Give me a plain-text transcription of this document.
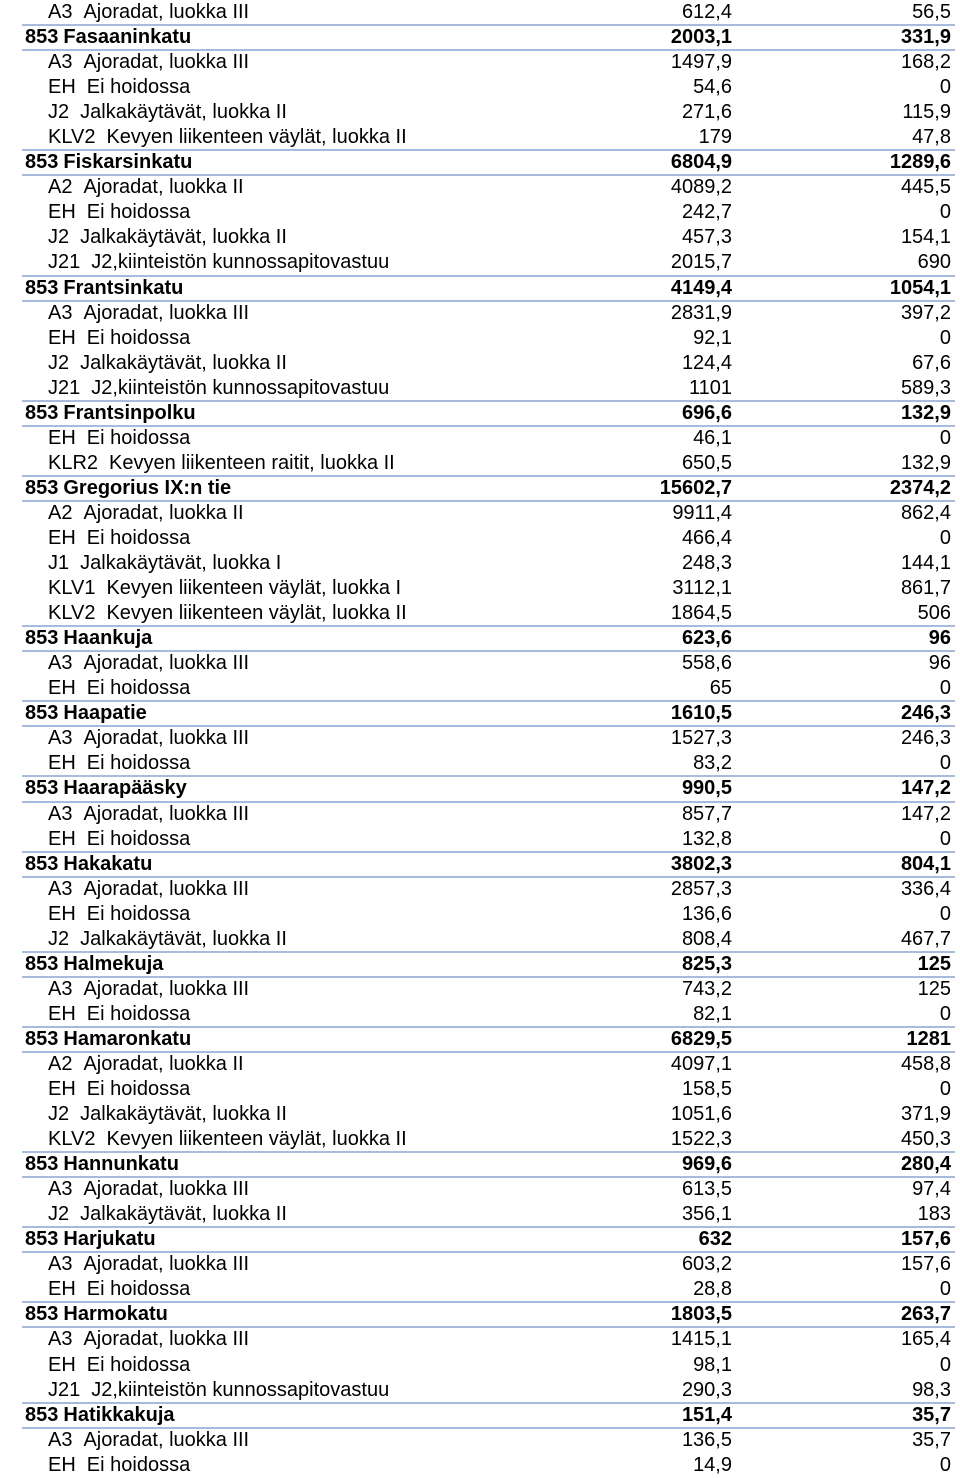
A3 Ajoradat, luokka III	612,4	56,5
853 Fasaaninkatu	2003,1	331,9
A3 Ajoradat, luokka III	1497,9	168,2
EH Ei hoidossa	54,6	0
J2 Jalkakäytävät, luokka II	271,6	115,9
KLV2 Kevyen liikenteen väylät, luokka II	179	47,8
853 Fiskarsinkatu	6804,9	1289,6
A2 Ajoradat, luokka II	4089,2	445,5
EH Ei hoidossa	242,7	0
J2 Jalkakäytävät, luokka II	457,3	154,1
J21 J2,kiinteistön kunnossapitovastuu	2015,7	690
853 Frantsinkatu	4149,4	1054,1
A3 Ajoradat, luokka III	2831,9	397,2
EH Ei hoidossa	92,1	0
J2 Jalkakäytävät, luokka II	124,4	67,6
J21 J2,kiinteistön kunnossapitovastuu	1101	589,3
853 Frantsinpolku	696,6	132,9
EH Ei hoidossa	46,1	0
KLR2 Kevyen liikenteen raitit, luokka II	650,5	132,9
853 Gregorius IX:n tie	15602,7	2374,2
A2 Ajoradat, luokka II	9911,4	862,4
EH Ei hoidossa	466,4	0
J1 Jalkakäytävät, luokka I	248,3	144,1
KLV1 Kevyen liikenteen väylät, luokka I	3112,1	861,7
KLV2 Kevyen liikenteen väylät, luokka II	1864,5	506
853 Haankuja	623,6	96
A3 Ajoradat, luokka III	558,6	96
EH Ei hoidossa	65	0
853 Haapatie	1610,5	246,3
A3 Ajoradat, luokka III	1527,3	246,3
EH Ei hoidossa	83,2	0
853 Haarapääsky	990,5	147,2
A3 Ajoradat, luokka III	857,7	147,2
EH Ei hoidossa	132,8	0
853 Hakakatu	3802,3	804,1
A3 Ajoradat, luokka III	2857,3	336,4
EH Ei hoidossa	136,6	0
J2 Jalkakäytävät, luokka II	808,4	467,7
853 Halmekuja	825,3	125
A3 Ajoradat, luokka III	743,2	125
EH Ei hoidossa	82,1	0
853 Hamaronkatu	6829,5	1281
A2 Ajoradat, luokka II	4097,1	458,8
EH Ei hoidossa	158,5	0
J2 Jalkakäytävät, luokka II	1051,6	371,9
KLV2 Kevyen liikenteen väylät, luokka II	1522,3	450,3
853 Hannunkatu	969,6	280,4
A3 Ajoradat, luokka III	613,5	97,4
J2 Jalkakäytävät, luokka II	356,1	183
853 Harjukatu	632	157,6
A3 Ajoradat, luokka III	603,2	157,6
EH Ei hoidossa	28,8	0
853 Harmokatu	1803,5	263,7
A3 Ajoradat, luokka III	1415,1	165,4
EH Ei hoidossa	98,1	0
J21 J2,kiinteistön kunnossapitovastuu	290,3	98,3
853 Hatikkakuja	151,4	35,7
A3 Ajoradat, luokka III	136,5	35,7
EH Ei hoidossa	14,9	0
